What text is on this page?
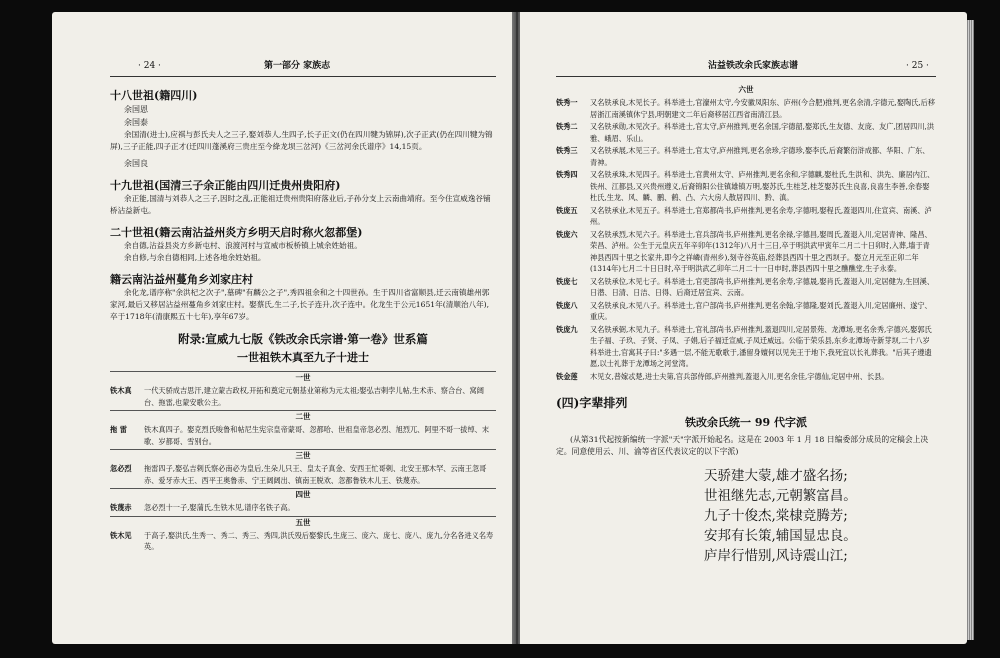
· 24 ·	第一部分 家族志
十八世祖(籍四川)
余国恩
余国泰
余国清(进士),应祺与彭氏夫人之三子,娶刘恭人,生四子,长子正文(仍在四川犍为锦屏),次子正武(仍在四川犍为锦屏),三子正能,四子正才(迁四川蓬溪府三贵庄至今絳龙坝三岔河)《三岔河余氏谱序》14,15页。
余国良
十九世祖(国清三子余正能由四川迁贵州贵阳府)
余正能,国清与刘恭人之三子,因时之乱,正能祖迁贵州贵阳府落业后,子孙分支上云南曲靖府。至今住宣威逸谷铺桥沾益新屯。
二十世祖(籍云南沾益州炎方乡明天启时称火忽都堡)
余自德,沾益县炎方乡新屯村、浪渡河村与宣威市板桥镇上城余姓始祖。
余自修,与余自德相同,上述各地余姓始祖。
籍云南沾益州蔓角乡刘家庄村
余化龙,谱序称"余洪杞之次子",墓碑"有麟公之子",秀四祖余和之十四世孙。生于四川省富顺县,迁云南镇雄州郭家河,最后又移居沾益州蔓角乡刘家庄村。娶蔡氏,生二子,长子连升,次子连中。化龙生于公元1651年(清顺治八年),卒于1718年(清康熙五十七年),享年67岁。
附录:宣威九七版《铁改余氏宗谱·第一卷》世系篇
一世祖铁木真至九子十进士
一世
铁木真	一代天骄成吉思汗,建立蒙古政权,开拓和奠定元朝基业第称为元太祖;娶弘吉剌孛儿帖,生术赤、察合台、窝阔台、拖雷,也蒙安歌公主。
二世
拖 雷	铁木真四子。娶克烈氏唆鲁和帖尼生宪宗皇帝蒙哥、忽都哈、世祖皇帝忽必烈、旭烈兀、阿里不哥一拔绰、末歌、岁都哥、雪别台。
三世
忽必烈	拖雷四子,娶弘吉剌氏察必南必为皇后,生朵儿只王、皇太子真金、安西王忙哥剌、北安王那木罕、云南王忽哥赤、爱牙赤大王、西平王奥鲁赤、宁王阔阔出、镇南王脱欢、忽都鲁铁木儿王、铁蔑赤。
四世
铁蔑赤	忽必烈十一子,娶蒲氏,生铁木见,谱序名铁子高。
五世
铁木见	于高子,娶洪氏,生秀一、秀二、秀三、秀四,洪氏殁后娶黎氏,生庞三、庞六、庞七、庞八、庞九,分名各进义名寿英。
沾益铁改余氏家族志谱	· 25 ·
六世
铁秀一	又名铁承良,木见长子。科举进士,官濠州太守,今安徽凤阳东、庐州(今合肥)推判,更名余清,字德元,娶陶氏,后移居浙江南溪镇休宁县,明朝建文二年后裔移居江西省南清江县。
铁秀二	又名铁承勋,木见次子。科举进士,官太守,庐州推判,更名余国,字德韶,娶郑氏,生友德、友庞、友广,团居四川,洪雅、峨眉、乐山。
铁秀三	又名铁承展,木见三子。科举进士,官太守,庐州推判,更名余珍,字德珍,娶李氏,后裔繁衍浒成都、华阳、广东、青神。
铁秀四	又名铁承珠,木见四子。科举进士,官黄州太守、庐州推判,更名余和,字德麒,娶杜氏,生洪和、洪先、廉居内江、铁州、江都县,又兴贵州遵义,后裔锦阳公住镇雄镇万明,娶苏氏,生桂芝,桂芝娶苏氏生良喜,良喜生李善,余春娶杜氏,生龙、风、麟、鹏、鹤、凸、六大房人散居四川、黔、滇。
铁庞五	又名铁承业,木见五子。科举进士,官郑都尚书,庐州推判,更名余寿,字德明,娶程氏,蓋退四川,住宣宾、南溪、泸州。
铁庞六	又名铁承烈,木见六子。科举进士,官兵部尚书,庐州推判,更名余禄,字德昌,娶周氏,蓋退入川,定居青神、隆昌、荣昌、泸州。公生于元皇庆五年辛卯年(1312年)八月十三日,卒于明洪武甲寅年二月二十日卯时,入葬,墙于青神县西四十里之长家井,即今之祥嶙(青州乡),刻寺谷英庙,经葬县西四十里之西坝子。娶立月元至正卯二年(1314年)七月二十日日时,卒于明洪武乙卯年二月二十一日申时,葬县西四十里之醮醮堂,生子永泰。
铁庞七	又名铁承位,木见七子。科举进士,官吏部尚书,庐州推判,更名余寿,字德晟,娶肖氏,蓋退入川,定居健为,生回溪、日潜、日清、日洁、日得、后裔迁居宜宾、云南。
铁庞八	又名铁承良,木见八子。科举进士,官户部尚书,庐州推判,更名余翰,字德隆,娶刘氏,蓋退入川,定居廉州、遂宁、重庆。
铁庞九	又名铁承弼,木见九子。科举进士,官礼部尚书,庐州推判,蓋退四川,定居景苑、龙潭场,更名余秀,字德兴,娶郭氏生子福、子玖、子贤、子凤、子娟,后子福迁宣威,子凤迁威远。公临于荣乐县,东乡北潭场寺新芽坝,二十八岁科举进士,官寓其子曰:"多遇一层,不能无歌歌于,潘留身嬗何以见先王于地下,我死宜以长礼葬我。"后其子遵遗愿,以士礼葬于龙潭场之河堂湾。
铁金莲	木见女,普嫁忒楚,进士夫第,官兵部侍郎,庐州推判,蓋退入川,更名余佳,字德仙,定居中州、长县。
(四)字辈排列
铁改余氏统一 99 代字派
(从第31代起按新编统一字派"天"字派开始起名。这是在 2003 年 1 月 18 日编委部分成员的定稿会上决定。同意使用云、川、渝等省区代表议定的以下字派)
天骄建大蒙,雄才盛名扬;
世祖继先志,元朝繁富昌。
九子十俊杰,棠棣竞腾芳;
安邦有长策,辅国显忠良。
庐岸行惜别,风诗震山江;
